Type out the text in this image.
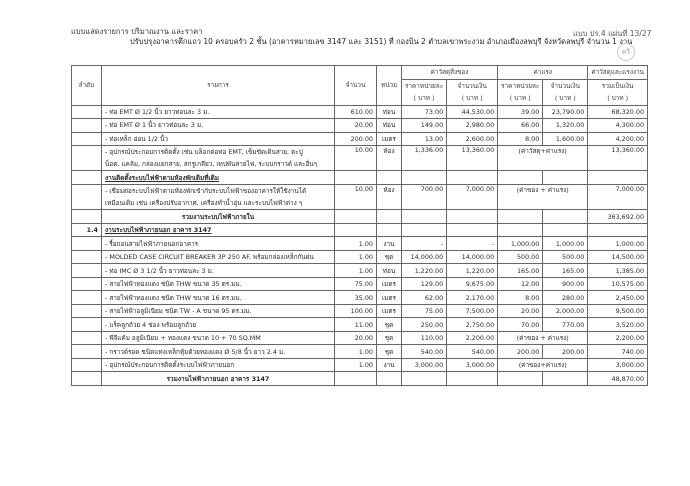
แบบแสดงรายการ ปริมาณงาน และราคา
ปรับปรุงอาคารตึกแถว 10 ครอบครัว 2 ชั้น (อาคารหมายเลข 3147 และ 3151) ที่ กองบิน 2 ตำบลเขาพระงาม อำเภอเมืองลพบุรี จังหวัดลพบุรี จำนวน 1 งาน
แบบ ปร.4 แผ่นที่ 13/27
ตรี
ลำดับ	รายการ	จำนวน	หน่วย	ค่าวัสดุสิ่งของ		ค่าแรง		ค่าวัสดุและแรงงาน
				ราคาหน่วยละ	จำนวนเงิน	ราคาหน่วยละ	จำนวนเงิน	รวมเป็นเงิน
				( บาท )	( บาท )	( บาท )	( บาท )	( บาท )
	- ท่อ EMT Ø 1/2 นิ้ว ยาวท่อนละ 3 ม.	610.00	ท่อน	73.00	44,530.00	39.00	23,790.00	68,320.00
	- ท่อ EMT Ø 1 นิ้ว ยาวท่อนละ 3 ม.	20.00	ท่อน	149.00	2,980.00	66.00	1,320.00	4,300.00
	- ท่อเหล็ก อ่อน 1/2 นิ้ว	200.00	เมตร	13.00	2,600.00	8.00	1,600.00	4,200.00
	- อุปกรณ์ประกอบการติดตั้ง เช่น บล็อกต่อท่อ EMT, เข็มขัดเดินสาย, ตะปู
น็อต, แคล้ม, กล่องแยกสาย, สกรูเกลียว, เทปพันสายไฟ, ระบบกราวด์ และอื่นๆ	10.00	ห้อง	1,336.00	13,360.00	(ค่าวัสดุ+ค่าแรง)		13,360.00
	งานติดตั้งระบบไฟฟ้าตามห้องพักเดิมที่เดิม							
	- เชื่อมต่อระบบไฟฟ้าตามห้องพักเข้ากับระบบไฟฟ้าของอาคารให้ใช้งานได้
เหมือนเดิม เช่น เครื่องปรับอากาศ, เครื่องทำน้ำอุ่น และระบบไฟฟ้าต่าง ๆ	10.00	ห้อง	700.00	7,000.00	(ค่าของ + ค่าแรง)		7,000.00
	รวมงานระบบไฟฟ้าภายใน							363,692.00
1.4	งานระบบไฟฟ้าภายนอก อาคาร 3147							
	- รื้อถอนสายไฟฟ้าภายนอกอาคาร	1.00	งาน	-	-	1,000.00	1,000.00	1,000.00
	- MOLDED CASE CIRCUIT BREAKER 3P 250 AF. พร้อมกล่องเหล็กกันฝน	1.00	ชุด	14,000.00	14,000.00	500.00	500.00	14,500.00
	- ท่อ IMC Ø 3 1/2 นิ้ว ยาวท่อนละ 3 ม.	1.00	ท่อน	1,220.00	1,220.00	165.00	165.00	1,385.00
	- สายไฟฟ้าทองแดง ชนิด THW ขนาด 35 ตร.มม.	75.00	เมตร	129.00	9,675.00	12.00	900.00	10,575.00
	- สายไฟฟ้าทองแดง ชนิด THW ขนาด 16 ตร.มม.	35.00	เมตร	62.00	2,170.00	8.00	280.00	2,450.00
	- สายไฟฟ้าอลูมิเนียม ชนิด TW - A ขนาด 95 ตร.มม.	100.00	เมตร	75.00	7,500.00	20.00	2,000.00	9,500.00
	- แร็คลูกถ้วย 4 ช่อง พร้อมลูกถ้วย	11.00	ชุด	250.00	2,750.00	70.00	770.00	3,520.00
	- พีจีแค้ม อลูมิเนียม + ทองแดง ขนาด 10 + 70 SQ.MM	20.00	ชุด	110.00	2,200.00	(ค่าของ + ค่าแรง)		2,200.00
	- กราวด์รอด ชนิดแท่งเหล็กหุ้มด้วยทองแดง Ø 5/8 นิ้ว ยาว 2.4 ม.	1.00	ชุด	540.00	540.00	200.00	200.00	740.00
	- อุปกรณ์ประกอบการติดตั้งระบบไฟฟ้าภายนอก	1.00	งาน	3,000.00	3,000.00	(ค่าของ+ค่าแรง)		3,000.00
	รวมงานไฟฟ้าภายนอก อาคาร 3147							48,870.00
